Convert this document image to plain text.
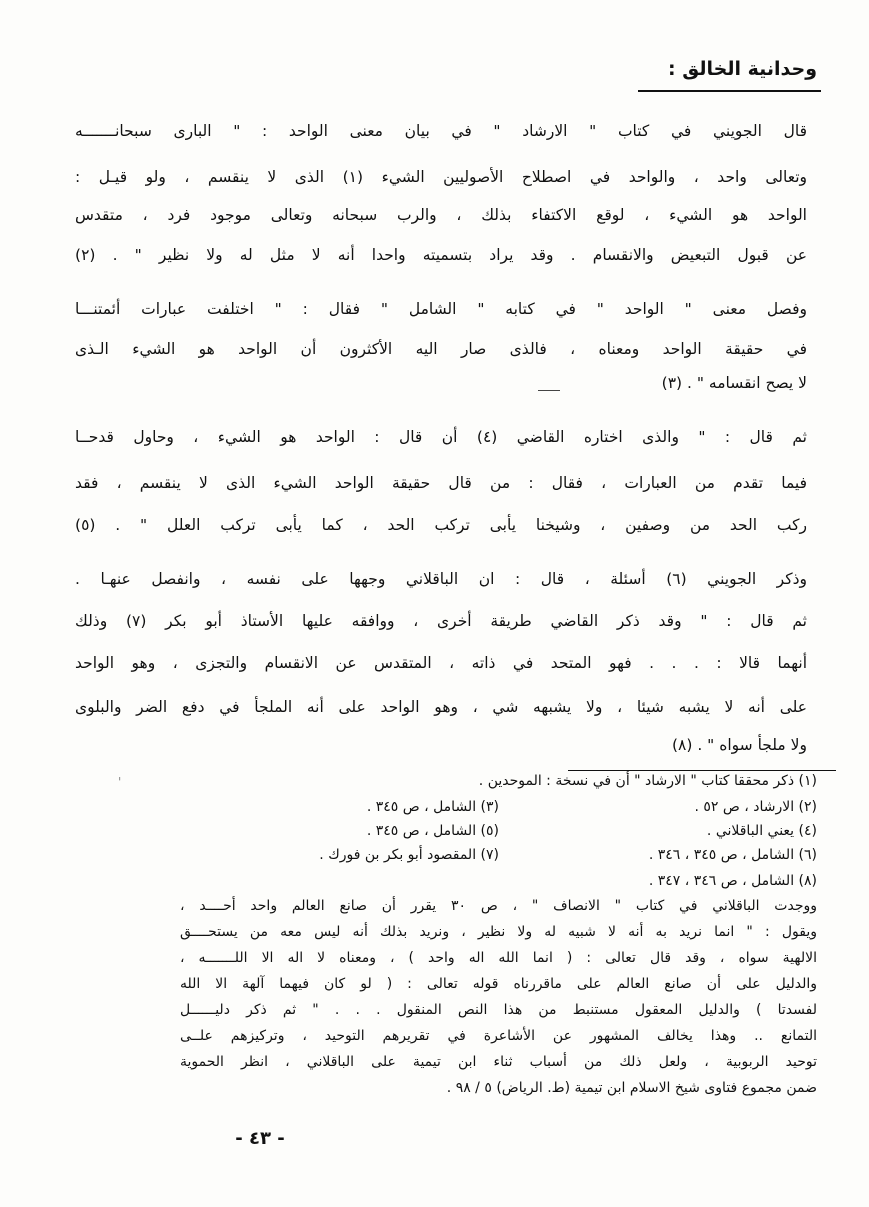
وحدانية الخالق :
قال الجويني في كتاب " الارشاد " في بيان معنى الواحد : " البارى سبحانـــــــه
وتعالى واحد ، والواحد في اصطلاح الأصوليين الشيء (١) الذى لا ينقسم ، ولو قيـل :
الواحد هو الشيء ، لوقع الاكتفاء بذلك ، والرب سبحانه وتعالى موجود فرد ، متقدس
عن قبول التبعيض والانقسام . وقد يراد بتسميته واحدا أنه لا مثل له ولا نظير " . (٢)
وفصل معنى " الواحد " في كتابه " الشامل " فقال : " اختلفت عبارات أئمتنـــا
في حقيقة الواحد ومعناه ، فالذى صار اليه الأكثرون أن الواحد هو الشيء الـذى
لا يصح انقسامه " . (٣)
ثم قال : " والذى اختاره القاضي (٤) أن قال : الواحد هو الشيء ، وحاول قدحــا
فيما تقدم من العبارات ، فقال : من قال حقيقة الواحد الشيء الذى لا ينقسم ، فقد
ركب الحد من وصفين ، وشيخنا يأبى تركب الحد ، كما يأبى تركب العلل " . (٥)
وذكر الجويني (٦) أسئلة ، قال : ان الباقلاني وجهها على نفسه ، وانفصل عنهـا .
ثم قال : " وقد ذكر القاضي طريقة أخرى ، ووافقه عليها الأستاذ أبو بكر (٧) وذلك
أنهما قالا : . . . فهو المتحد في ذاته ، المتقدس عن الانقسام والتجزى ، وهو الواحد
على أنه لا يشبه شيئا ، ولا يشبهه شي ، وهو الواحد على أنه الملجأ في دفع الضر والبلوى
ولا ملجأ سواه " . (٨)
'	(١) ذكر محققا كتاب " الارشاد " أن في نسخة : الموحدين .
(٢) الارشاد ، ص ٥٢ .
(٣) الشامل ، ص ٣٤٥ .
(٤) يعني الباقلاني .
(٥) الشامل ، ص ٣٤٥ .
(٦) الشامل ، ص ٣٤٥ ، ٣٤٦ .
(٧) المقصود أبو بكر بن فورك .
(٨) الشامل ، ص ٣٤٦ ، ٣٤٧ .
ووجدت الباقلاني في كتاب " الانصاف " ، ص ٣٠ يقرر أن صانع العالم واحد أحــــد ،
ويقول : " انما نريد به أنه لا شبيه له ولا نظير ، ونريد بذلك أنه ليس معه من يستحــــق
الالهية سواه ، وقد قال تعالى : ( انما الله اله واحد ) ، ومعناه لا اله الا اللـــــــه ،
والدليل على أن صانع العالم على ماقررناه قوله تعالى : ( لو كان فيهما آلهة الا الله
لفسدتا ) والدليل المعقول مستنبط من هذا النص المنقول . . . " ثم ذكر دليــــــل
التمانع .. وهذا يخالف المشهور عن الأشاعرة في تقريرهم التوحيد ، وتركيزهم علــى
توحيد الربوبية ، ولعل ذلك من أسباب ثناء ابن تيمية على الباقلاني ، انظر الحموية
ضمن مجموع فتاوى شيخ الاسلام ابن تيمية (ط. الرياض) ٥ / ٩٨ .
- ٤٣ -
